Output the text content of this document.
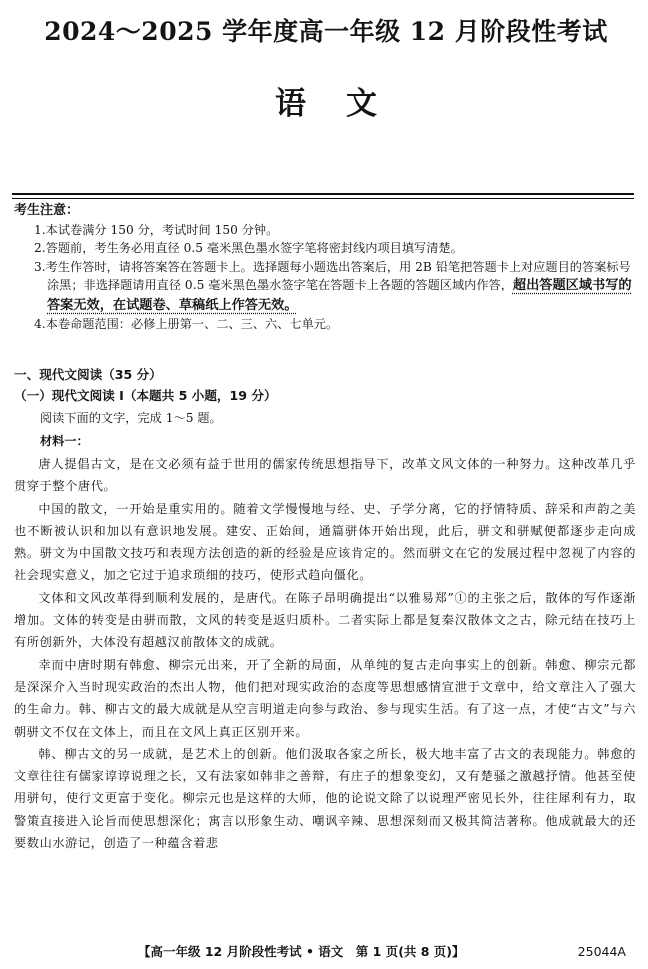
2024～2025 学年度高一年级 12 月阶段性考试
语文
考生注意：
1.本试卷满分 150 分，考试时间 150 分钟。
2.答题前，考生务必用直径 0.5 毫米黑色墨水签字笔将密封线内项目填写清楚。
3.考生作答时，请将答案答在答题卡上。选择题每小题选出答案后，用 2B 铅笔把答题卡上对应题目的答案标号涂黑；非选择题请用直径 0.5 毫米黑色墨水签字笔在答题卡上各题的答题区域内作答，超出答题区域书写的答案无效，在试题卷、草稿纸上作答无效。
4.本卷命题范围：必修上册第一、二、三、六、七单元。
一、现代文阅读（35 分）
（一）现代文阅读 Ⅰ（本题共 5 小题，19 分）
阅读下面的文字，完成 1～5 题。
材料一：

唐人提倡古文，是在文必须有益于世用的儒家传统思想指导下，改革文风文体的一种努力。这种改革几乎贯穿于整个唐代。

中国的散文，一开始是重实用的。随着文学慢慢地与经、史、子学分离，它的抒情特质、辞采和声韵之美也不断被认识和加以有意识地发展。建安、正始间，通篇骈体开始出现，此后，骈文和骈赋便都逐步走向成熟。骈文为中国散文技巧和表现方法创造的新的经验是应该肯定的。然而骈文在它的发展过程中忽视了内容的社会现实意义，加之它过于追求琐细的技巧，使形式趋向僵化。

文体和文风改革得到顺利发展的，是唐代。在陈子昂明确提出“以雅易郑”①的主张之后，散体的写作逐渐增加。文体的转变是由骈而散，文风的转变是返归质朴。二者实际上都是复秦汉散体文之古，除元结在技巧上有所创新外，大体没有超越汉前散体文的成就。

幸而中唐时期有韩愈、柳宗元出来，开了全新的局面，从单纯的复古走向事实上的创新。韩愈、柳宗元都是深深介入当时现实政治的杰出人物，他们把对现实政治的态度等思想感情宣泄于文章中，给文章注入了强大的生命力。韩、柳古文的最大成就是从空言明道走向参与政治、参与现实生活。有了这一点，才使“古文”与六朝骈文不仅在文体上，而且在文风上真正区别开来。

韩、柳古文的另一成就，是艺术上的创新。他们汲取各家之所长，极大地丰富了古文的表现能力。韩愈的文章往往有儒家谆谆说理之长，又有法家如韩非之善辩，有庄子的想象变幻，又有楚骚之激越抒情。他甚至使用骈句，使行文更富于变化。柳宗元也是这样的大师，他的论说文除了以说理严密见长外，往往犀利有力，取警策直接进入论旨而使思想深化；寓言以形象生动、嘲讽辛辣、思想深刻而又极其简洁著称。他成就最大的还要数山水游记，创造了一种蕴含着悲

【高一年级 12 月阶段性考试 • 语文　第 1 页(共 8 页)】	25044A
